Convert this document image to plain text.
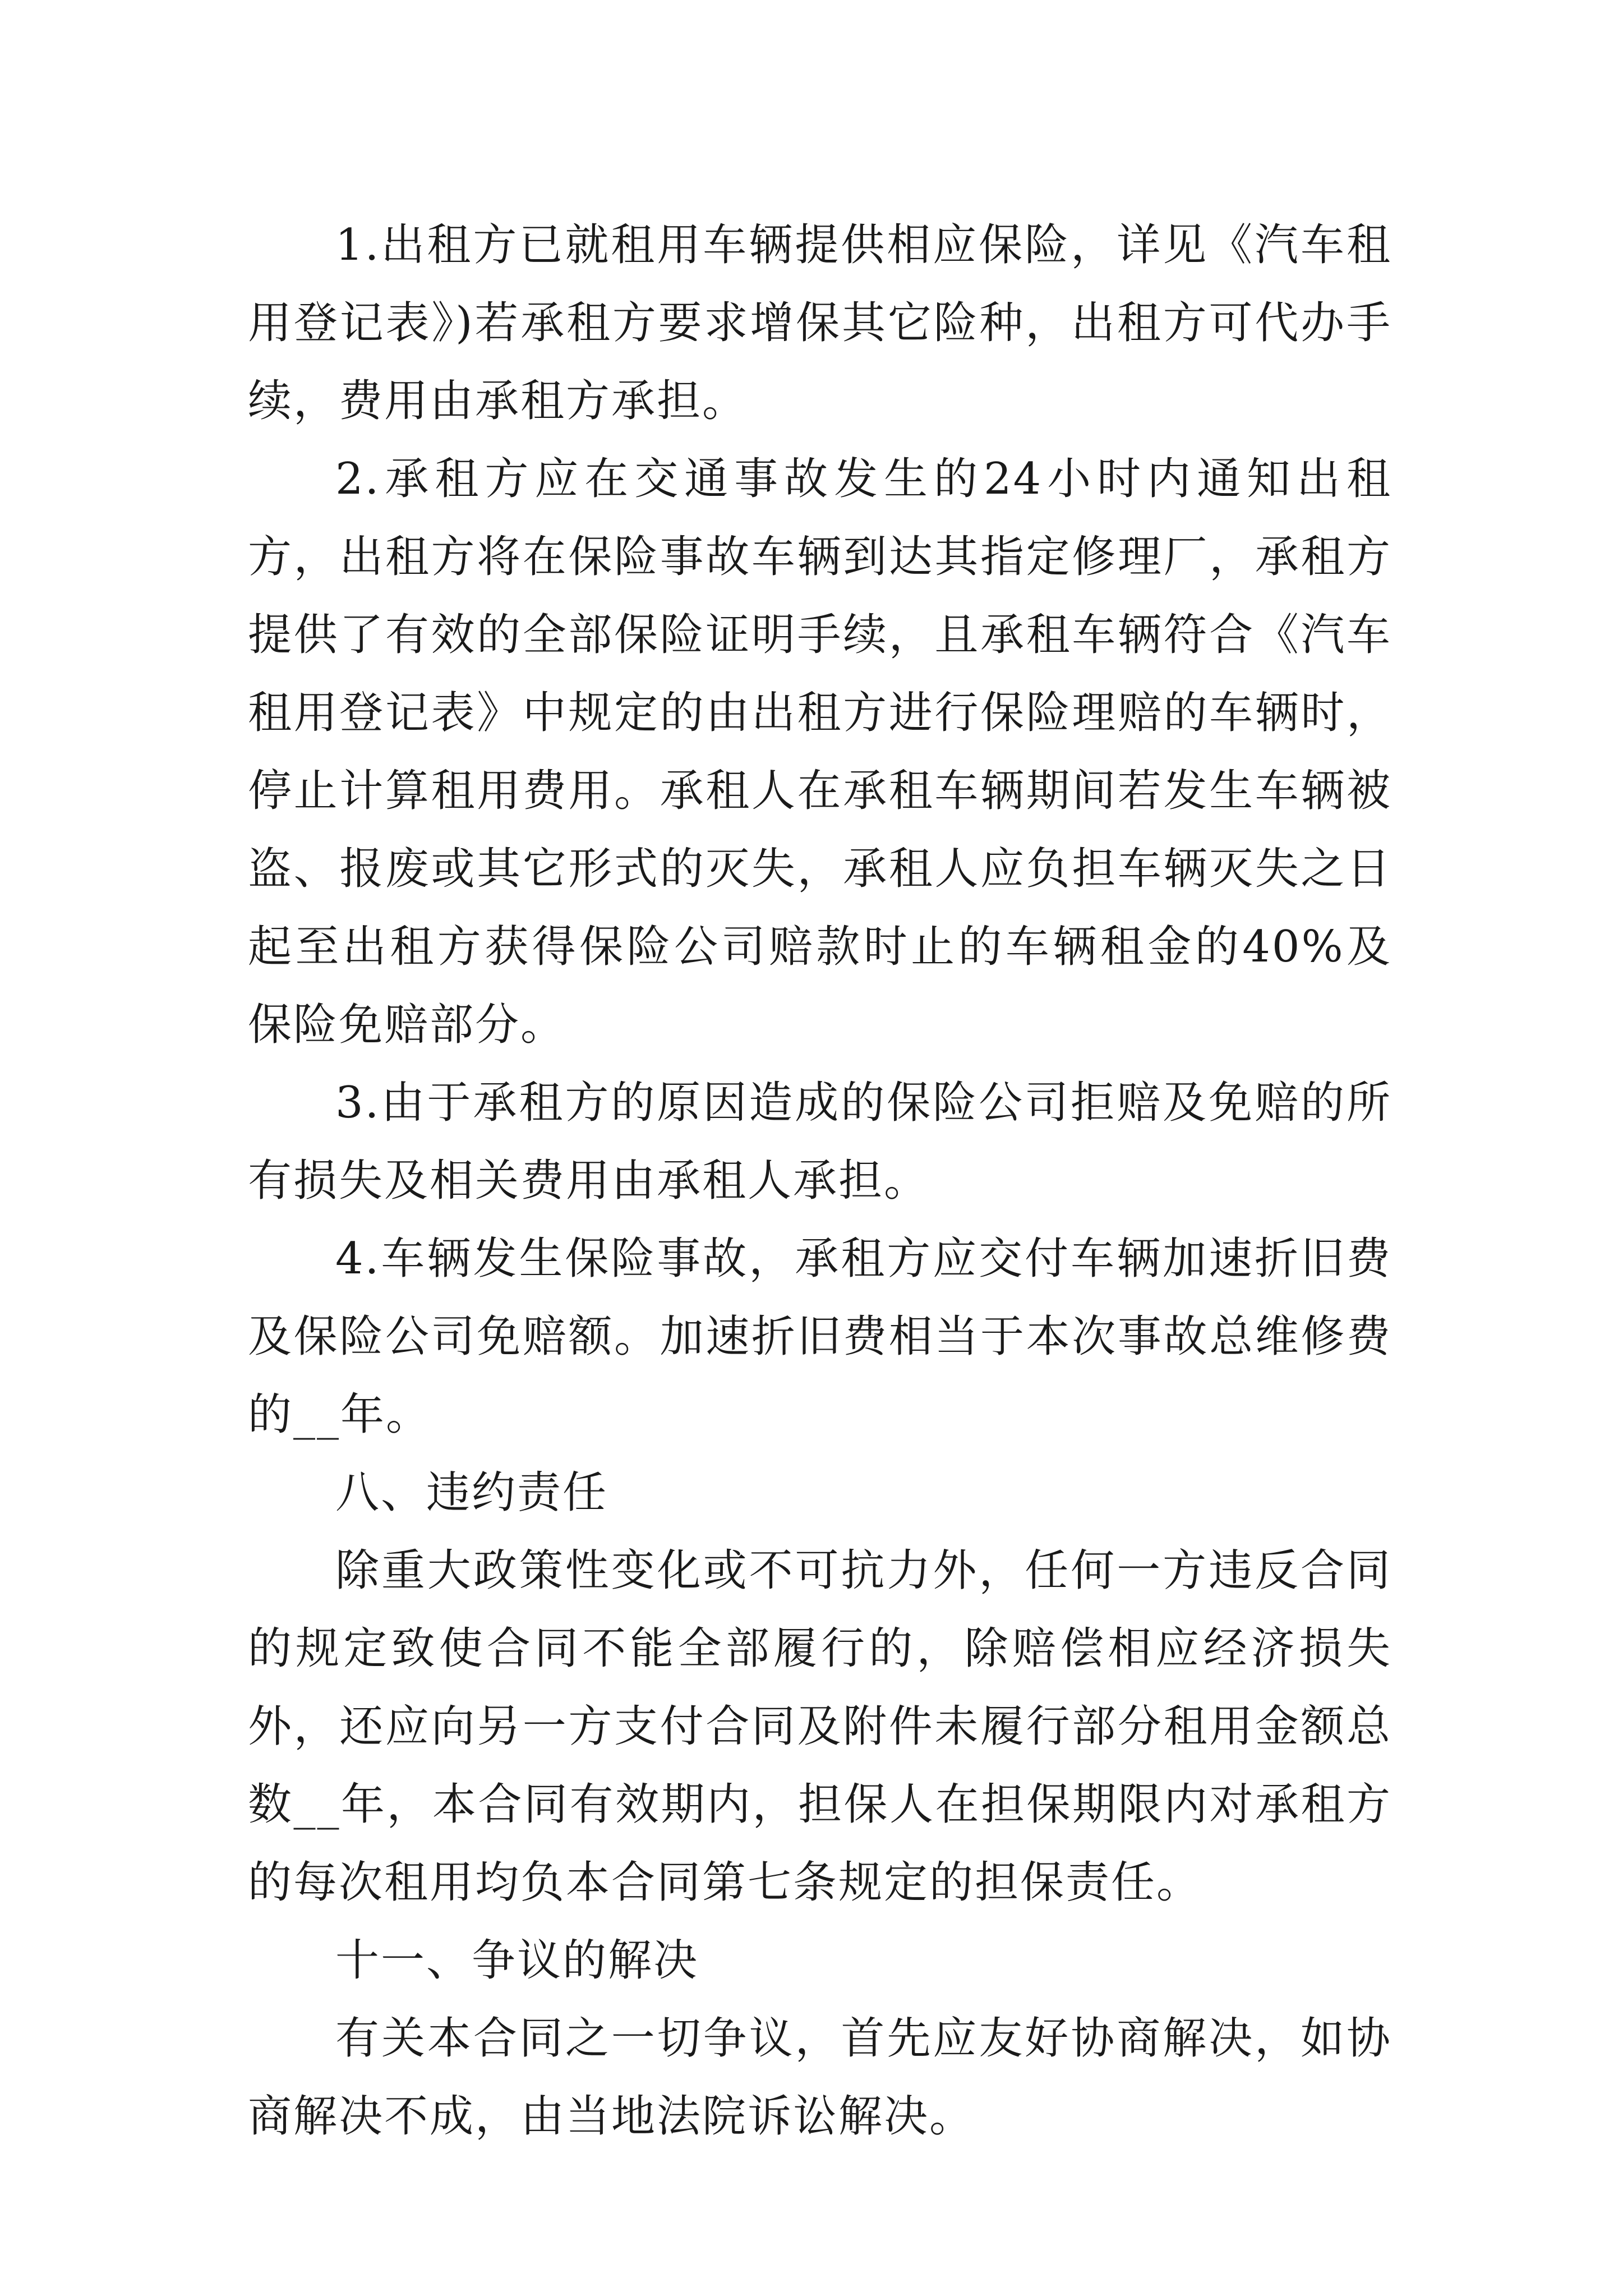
1.出租方已就租用车辆提供相应保险，详见《汽车租用登记表》)若承租方要求增保其它险种，出租方可代办手续，费用由承租方承担。

2.承租方应在交通事故发生的24小时内通知出租方，出租方将在保险事故车辆到达其指定修理厂，承租方提供了有效的全部保险证明手续，且承租车辆符合《汽车租用登记表》中规定的由出租方进行保险理赔的车辆时，停止计算租用费用。承租人在承租车辆期间若发生车辆被盗、报废或其它形式的灭失，承租人应负担车辆灭失之日起至出租方获得保险公司赔款时止的车辆租金的40%及保险免赔部分。

3.由于承租方的原因造成的保险公司拒赔及免赔的所有损失及相关费用由承租人承担。

4.车辆发生保险事故，承租方应交付车辆加速折旧费及保险公司免赔额。加速折旧费相当于本次事故总维修费的__年。

八、违约责任

除重大政策性变化或不可抗力外，任何一方违反合同的规定致使合同不能全部履行的，除赔偿相应经济损失外，还应向另一方支付合同及附件未履行部分租用金额总数__年，本合同有效期内，担保人在担保期限内对承租方的每次租用均负本合同第七条规定的担保责任。

十一、争议的解决

有关本合同之一切争议，首先应友好协商解决，如协商解决不成，由当地法院诉讼解决。
